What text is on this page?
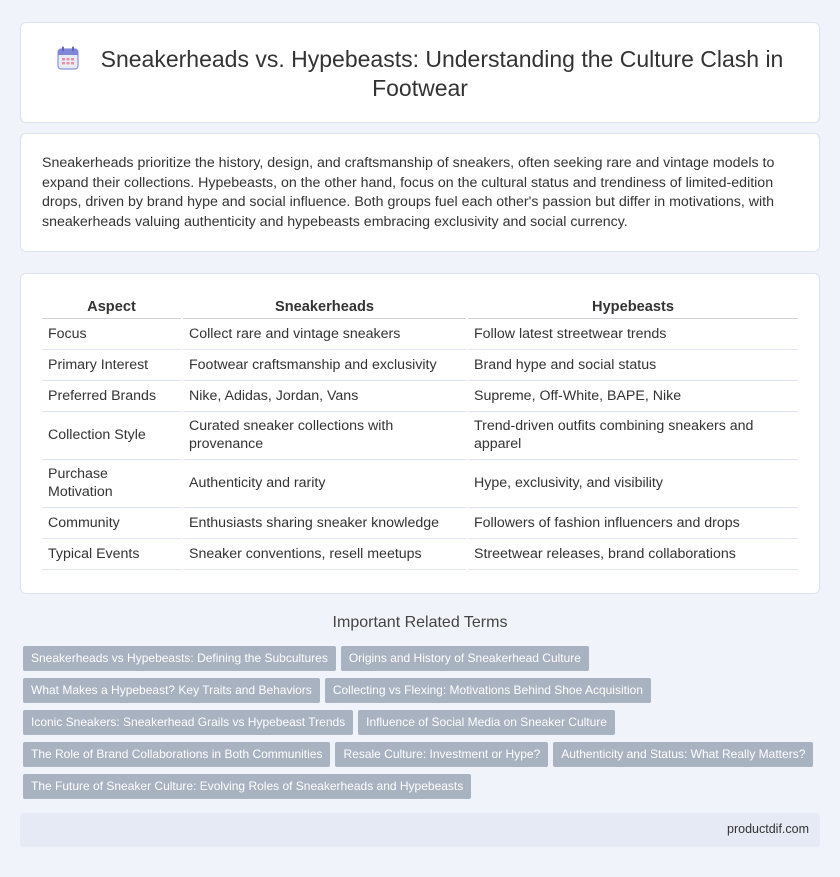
Sneakerheads vs. Hypebeasts: Understanding the Culture Clash in Footwear

Sneakerheads prioritize the history, design, and craftsmanship of sneakers, often seeking rare and vintage models to expand their collections. Hypebeasts, on the other hand, focus on the cultural status and trendiness of limited-edition drops, driven by brand hype and social influence. Both groups fuel each other's passion but differ in motivations, with sneakerheads valuing authenticity and hypebeasts embracing exclusivity and social currency.

Aspect	Sneakerheads	Hypebeasts
Focus	Collect rare and vintage sneakers	Follow latest streetwear trends
Primary Interest	Footwear craftsmanship and exclusivity	Brand hype and social status
Preferred Brands	Nike, Adidas, Jordan, Vans	Supreme, Off-White, BAPE, Nike
Collection Style	Curated sneaker collections with provenance	Trend-driven outfits combining sneakers and apparel
Purchase Motivation	Authenticity and rarity	Hype, exclusivity, and visibility
Community	Enthusiasts sharing sneaker knowledge	Followers of fashion influencers and drops
Typical Events	Sneaker conventions, resell meetups	Streetwear releases, brand collaborations
Important Related Terms
Sneakerheads vs Hypebeasts: Defining the Subcultures Origins and History of Sneakerhead Culture
What Makes a Hypebeast? Key Traits and Behaviors Collecting vs Flexing: Motivations Behind Shoe Acquisition
Iconic Sneakers: Sneakerhead Grails vs Hypebeast Trends Influence of Social Media on Sneaker Culture
The Role of Brand Collaborations in Both Communities Resale Culture: Investment or Hype? Authenticity and Status: What Really Matters?
The Future of Sneaker Culture: Evolving Roles of Sneakerheads and Hypebeasts
productdif.com
